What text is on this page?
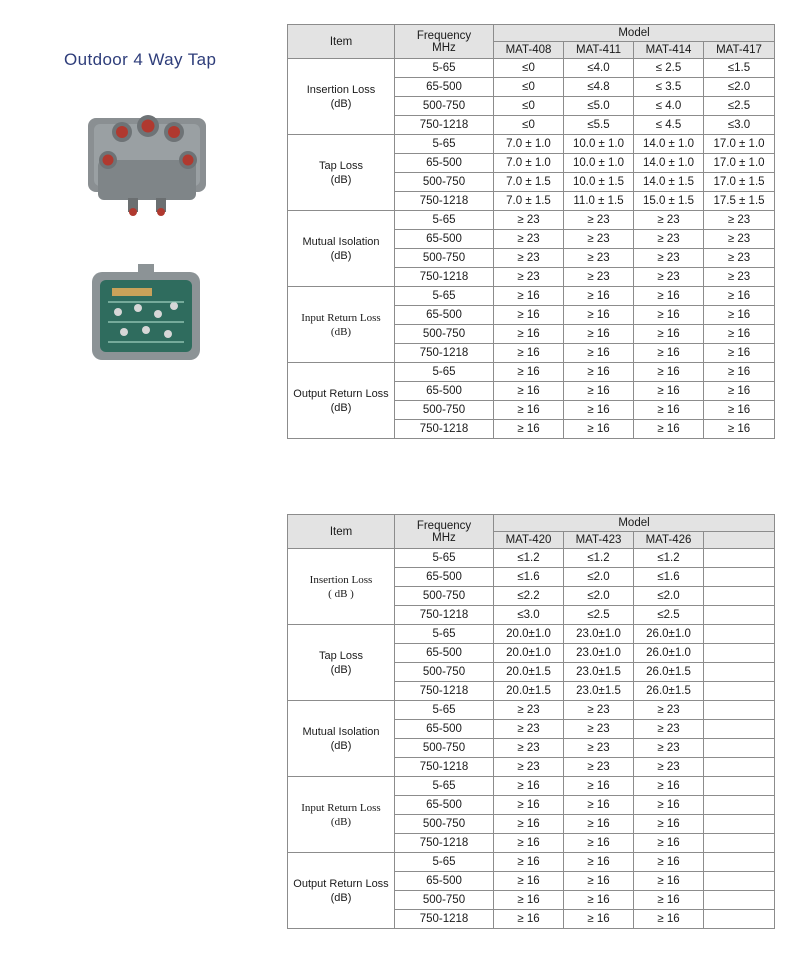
Outdoor 4 Way Tap
Item	Frequency
MHz	Model			
		MAT-408	MAT-411	MAT-414	MAT-417
Insertion Loss
(dB)	5-65	≤0	≤4.0	≤ 2.5	≤1.5
	65-500	≤0	≤4.8	≤ 3.5	≤2.0
	500-750	≤0	≤5.0	≤ 4.0	≤2.5
	750-1218	≤0	≤5.5	≤ 4.5	≤3.0
Tap Loss
(dB)	5-65	7.0 ± 1.0	10.0 ± 1.0	14.0 ± 1.0	17.0 ± 1.0
	65-500	7.0 ± 1.0	10.0 ± 1.0	14.0 ± 1.0	17.0 ± 1.0
	500-750	7.0 ± 1.5	10.0 ± 1.5	14.0 ± 1.5	17.0 ± 1.5
	750-1218	7.0 ± 1.5	11.0 ± 1.5	15.0 ± 1.5	17.5 ± 1.5
Mutual Isolation
(dB)	5-65	≥ 23	≥ 23	≥ 23	≥ 23
	65-500	≥ 23	≥ 23	≥ 23	≥ 23
	500-750	≥ 23	≥ 23	≥ 23	≥ 23
	750-1218	≥ 23	≥ 23	≥ 23	≥ 23
Input Return Loss
(dB)	5-65	≥ 16	≥ 16	≥ 16	≥ 16
	65-500	≥ 16	≥ 16	≥ 16	≥ 16
	500-750	≥ 16	≥ 16	≥ 16	≥ 16
	750-1218	≥ 16	≥ 16	≥ 16	≥ 16
Output Return Loss
(dB)	5-65	≥ 16	≥ 16	≥ 16	≥ 16
	65-500	≥ 16	≥ 16	≥ 16	≥ 16
	500-750	≥ 16	≥ 16	≥ 16	≥ 16
	750-1218	≥ 16	≥ 16	≥ 16	≥ 16
Item	Frequency
MHz	Model			
		MAT-420	MAT-423	MAT-426	
Insertion Loss
( dB )	5-65	≤1.2	≤1.2	≤1.2	
	65-500	≤1.6	≤2.0	≤1.6	
	500-750	≤2.2	≤2.0	≤2.0	
	750-1218	≤3.0	≤2.5	≤2.5	
Tap Loss
(dB)	5-65	20.0±1.0	23.0±1.0	26.0±1.0	
	65-500	20.0±1.0	23.0±1.0	26.0±1.0	
	500-750	20.0±1.5	23.0±1.5	26.0±1.5	
	750-1218	20.0±1.5	23.0±1.5	26.0±1.5	
Mutual Isolation
(dB)	5-65	≥ 23	≥ 23	≥ 23	
	65-500	≥ 23	≥ 23	≥ 23	
	500-750	≥ 23	≥ 23	≥ 23	
	750-1218	≥ 23	≥ 23	≥ 23	
Input Return Loss
(dB)	5-65	≥ 16	≥ 16	≥ 16	
	65-500	≥ 16	≥ 16	≥ 16	
	500-750	≥ 16	≥ 16	≥ 16	
	750-1218	≥ 16	≥ 16	≥ 16	
Output Return Loss
(dB)	5-65	≥ 16	≥ 16	≥ 16	
	65-500	≥ 16	≥ 16	≥ 16	
	500-750	≥ 16	≥ 16	≥ 16	
	750-1218	≥ 16	≥ 16	≥ 16	
